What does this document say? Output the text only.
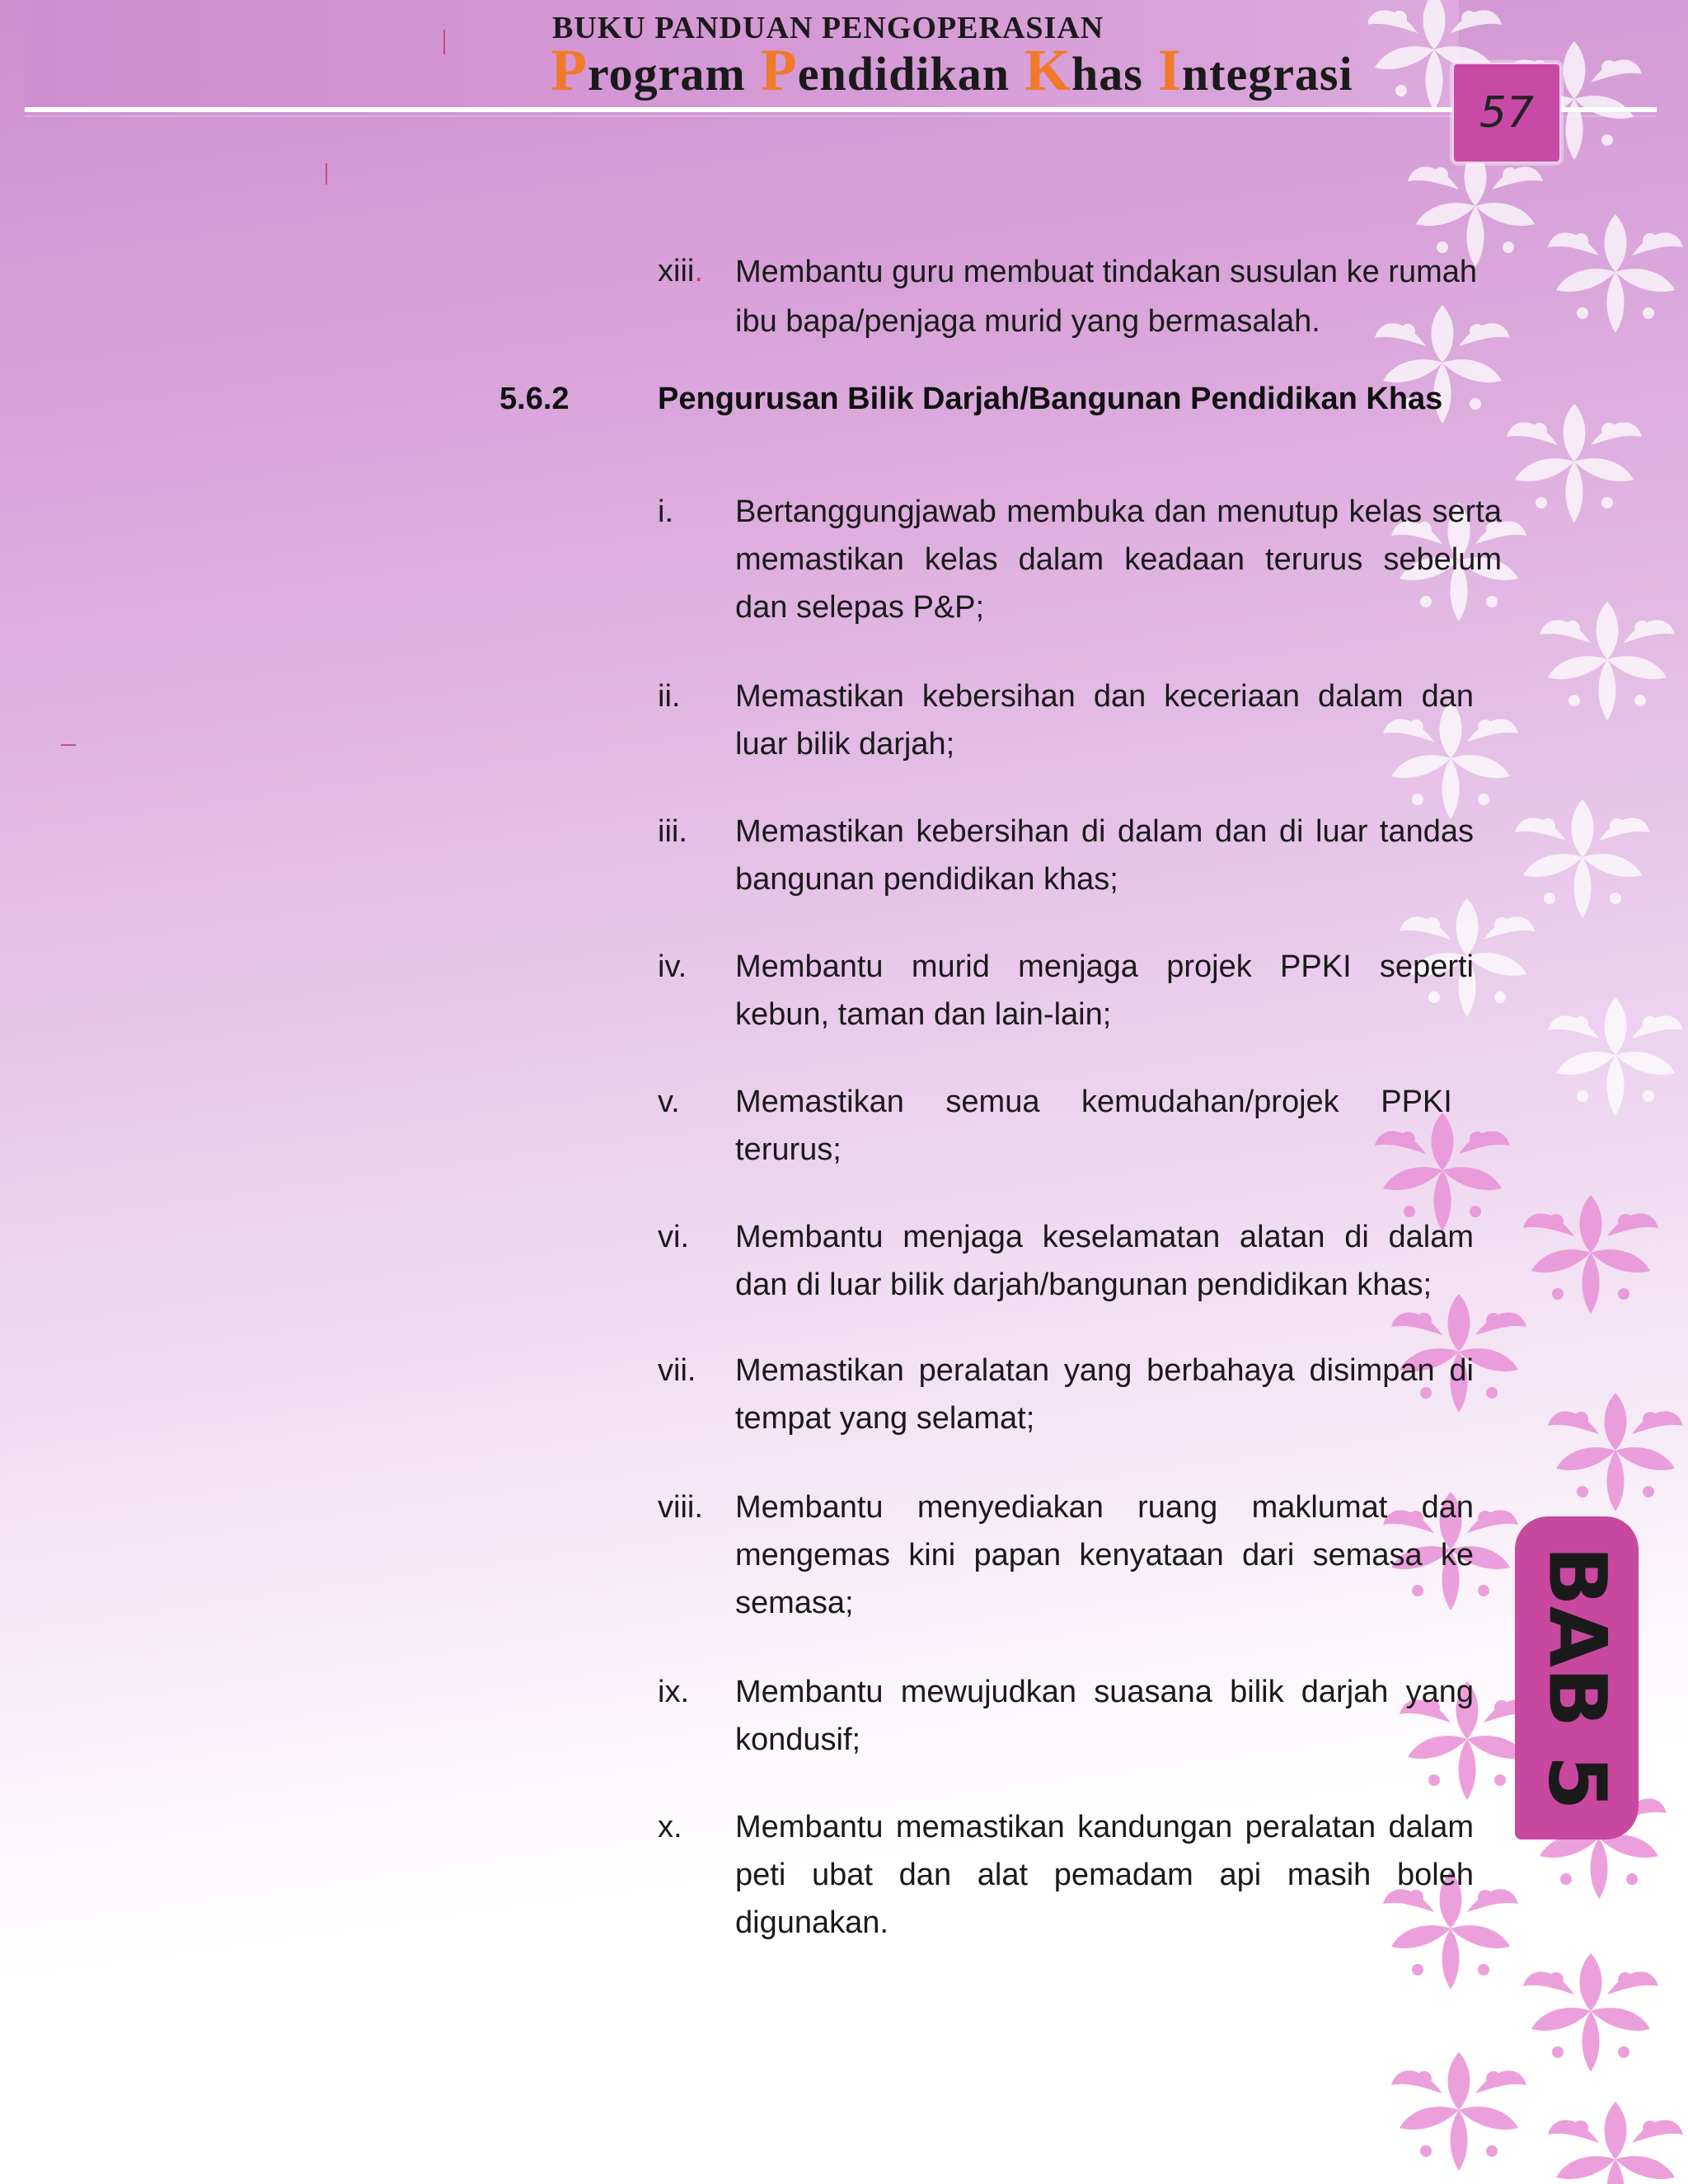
BUKU PANDUAN PENGOPERASIAN
Program Pendidikan Khas Integrasi
57
BAB 5
xiii. Membantu guru membuat tindakan susulan ke rumah ibu bapa/penjaga murid yang bermasalah.
5.6.2	Pengurusan Bilik Darjah/Bangunan Pendidikan Khas
i. Bertanggungjawab membuka dan menutup kelas serta memastikan kelas dalam keadaan terurus sebelum dan selepas P&P;
ii. Memastikan kebersihan dan keceriaan dalam dan luar bilik darjah;
iii. Memastikan kebersihan di dalam dan di luar tandas bangunan pendidikan khas;
iv. Membantu murid menjaga projek PPKI seperti kebun, taman dan lain-lain;
v. Memastikan semua kemudahan/projek PPKI terurus;
vi. Membantu menjaga keselamatan alatan di dalam dan di luar bilik darjah/bangunan pendidikan khas;
vii. Memastikan peralatan yang berbahaya disimpan di tempat yang selamat;
viii. Membantu menyediakan ruang maklumat dan mengemas kini papan kenyataan dari semasa ke semasa;
ix. Membantu mewujudkan suasana bilik darjah yang kondusif;
x. Membantu memastikan kandungan peralatan dalam peti ubat dan alat pemadam api masih boleh digunakan.
